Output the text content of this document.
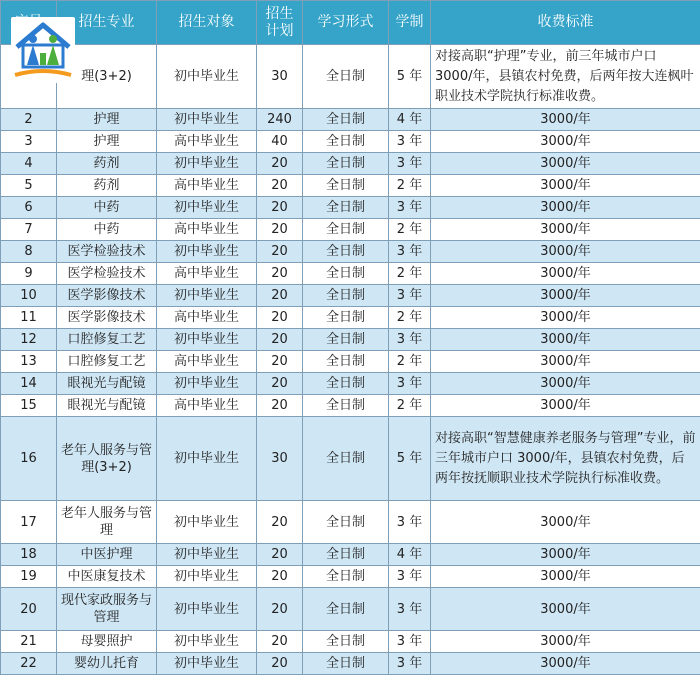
	招生专业	招生对象	招生计划	学习形式	学制	收费标准
	理(3+2)	初中毕业生	30	全日制	5 年	对接高职“护理”专业，前三年城市户口 3000/年，县镇农村免费，后两年按大连枫叶职业技术学院执行标准收费。
2	护理	初中毕业生	240	全日制	4 年	3000/年
3	护理	高中毕业生	40	全日制	3 年	3000/年
4	药剂	初中毕业生	20	全日制	3 年	3000/年
5	药剂	高中毕业生	20	全日制	2 年	3000/年
6	中药	初中毕业生	20	全日制	3 年	3000/年
7	中药	高中毕业生	20	全日制	2 年	3000/年
8	医学检验技术	初中毕业生	20	全日制	3 年	3000/年
9	医学检验技术	高中毕业生	20	全日制	2 年	3000/年
10	医学影像技术	初中毕业生	20	全日制	3 年	3000/年
11	医学影像技术	高中毕业生	20	全日制	2 年	3000/年
12	口腔修复工艺	初中毕业生	20	全日制	3 年	3000/年
13	口腔修复工艺	高中毕业生	20	全日制	2 年	3000/年
14	眼视光与配镜	初中毕业生	20	全日制	3 年	3000/年
15	眼视光与配镜	高中毕业生	20	全日制	2 年	3000/年
16	老年人服务与管理(3+2)	初中毕业生	30	全日制	5 年	对接高职“智慧健康养老服务与管理”专业，前三年城市户口 3000/年，县镇农村免费，后两年按抚顺职业技术学院执行标准收费。
17	老年人服务与管理	初中毕业生	20	全日制	3 年	3000/年
18	中医护理	初中毕业生	20	全日制	4 年	3000/年
19	中医康复技术	初中毕业生	20	全日制	3 年	3000/年
20	现代家政服务与管理	初中毕业生	20	全日制	3 年	3000/年
21	母婴照护	初中毕业生	20	全日制	3 年	3000/年
22	婴幼儿托育	初中毕业生	20	全日制	3 年	3000/年
